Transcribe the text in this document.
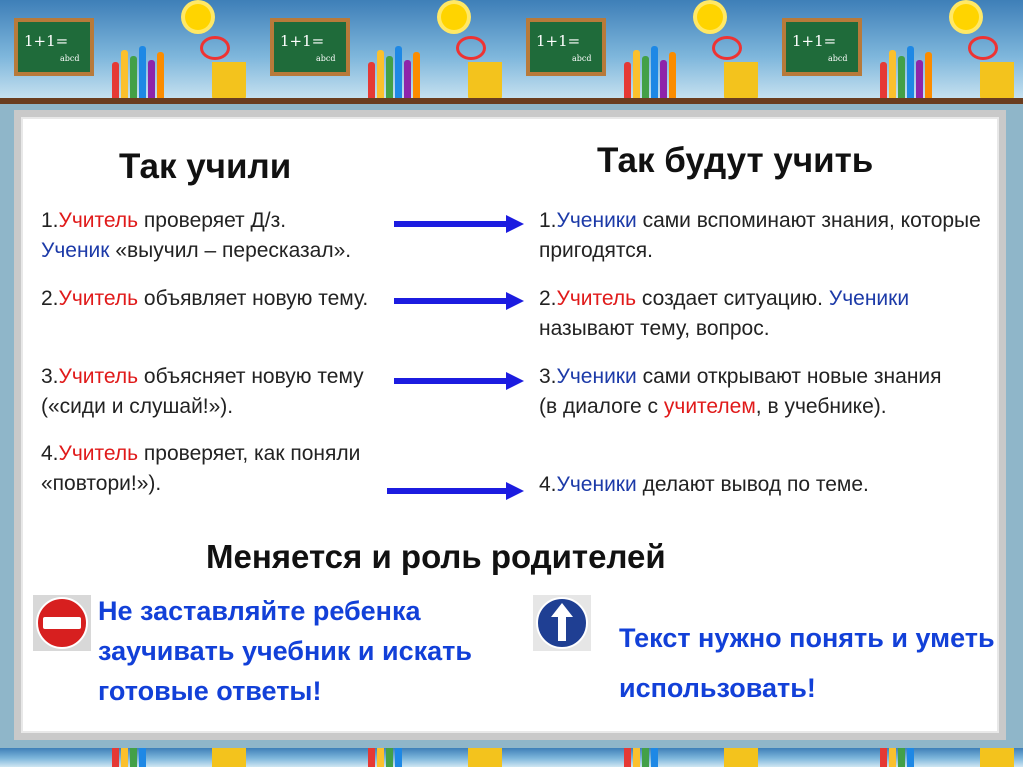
1+1=
abcd
1+1=
abcd
1+1=
abcd
1+1=
abcd
Так учили	Так будут учить
1.Учитель проверяет Д/з.
Ученик «выучил – пересказал».
2.Учитель объявляет новую тему.
3.Учитель объясняет новую тему («сиди и слушай!»).
4.Учитель проверяет, как поняли «повтори!»).
1.Ученики сами вспоминают знания, которые пригодятся.
2.Учитель создает ситуацию. Ученики называют тему, вопрос.
3.Ученики сами открывают новые знания (в диалоге с учителем, в учебнике).
4.Ученики делают вывод по теме.
Меняется и роль родителей
Не заставляйте ребенка заучивать учебник и искать готовые ответы!
Текст нужно понять и уметь использовать!
